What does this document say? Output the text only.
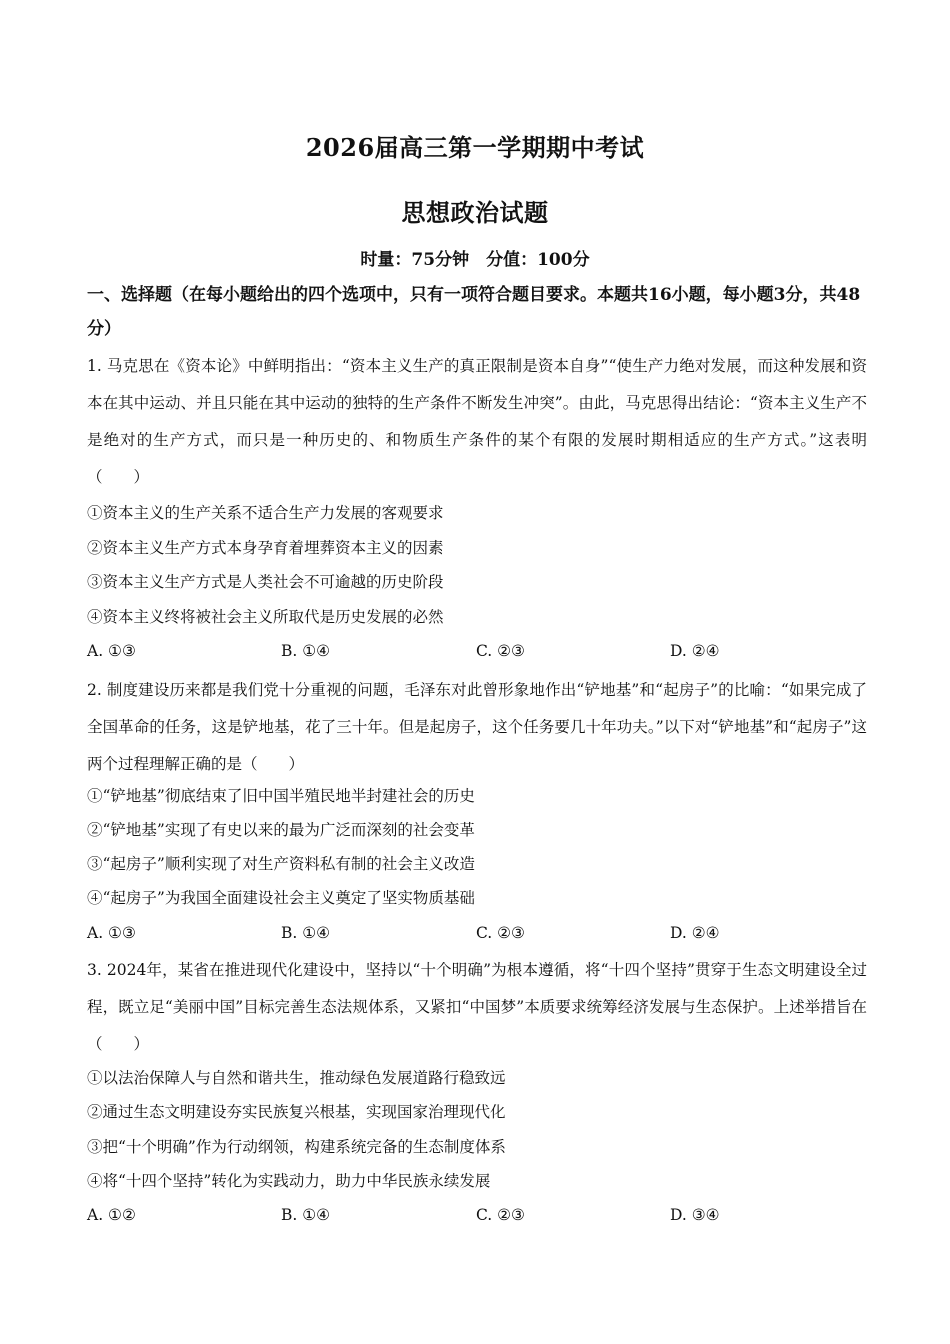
2026届高三第一学期期中考试
思想政治试题
时量：75分钟　分值：100分
一、选择题（在每小题给出的四个选项中，只有一项符合题目要求。本题共16小题，每小题3分，共48分）
1. 马克思在《资本论》中鲜明指出：“资本主义生产的真正限制是资本自身”“使生产力绝对发展，而这种发展和资本在其中运动、并且只能在其中运动的独特的生产条件不断发生冲突”。由此，马克思得出结论：“资本主义生产不是绝对的生产方式，而只是一种历史的、和物质生产条件的某个有限的发展时期相适应的生产方式。”这表明（　　）
①资本主义的生产关系不适合生产力发展的客观要求
②资本主义生产方式本身孕育着埋葬资本主义的因素
③资本主义生产方式是人类社会不可逾越的历史阶段
④资本主义终将被社会主义所取代是历史发展的必然
A. ①③	B. ①④	C. ②③	D. ②④
2. 制度建设历来都是我们党十分重视的问题，毛泽东对此曾形象地作出“铲地基”和“起房子”的比喻：“如果完成了全国革命的任务，这是铲地基，花了三十年。但是起房子，这个任务要几十年功夫。”以下对“铲地基”和“起房子”这两个过程理解正确的是（　　）
①“铲地基”彻底结束了旧中国半殖民地半封建社会的历史
②“铲地基”实现了有史以来的最为广泛而深刻的社会变革
③“起房子”顺利实现了对生产资料私有制的社会主义改造
④“起房子”为我国全面建设社会主义奠定了坚实物质基础
A. ①③	B. ①④	C. ②③	D. ②④
3. 2024年，某省在推进现代化建设中，坚持以“十个明确”为根本遵循，将“十四个坚持”贯穿于生态文明建设全过程，既立足“美丽中国”目标完善生态法规体系，又紧扣“中国梦”本质要求统筹经济发展与生态保护。上述举措旨在（　　）
①以法治保障人与自然和谐共生，推动绿色发展道路行稳致远
②通过生态文明建设夯实民族复兴根基，实现国家治理现代化
③把“十个明确”作为行动纲领，构建系统完备的生态制度体系
④将“十四个坚持”转化为实践动力，助力中华民族永续发展
A. ①②	B. ①④	C. ②③	D. ③④
